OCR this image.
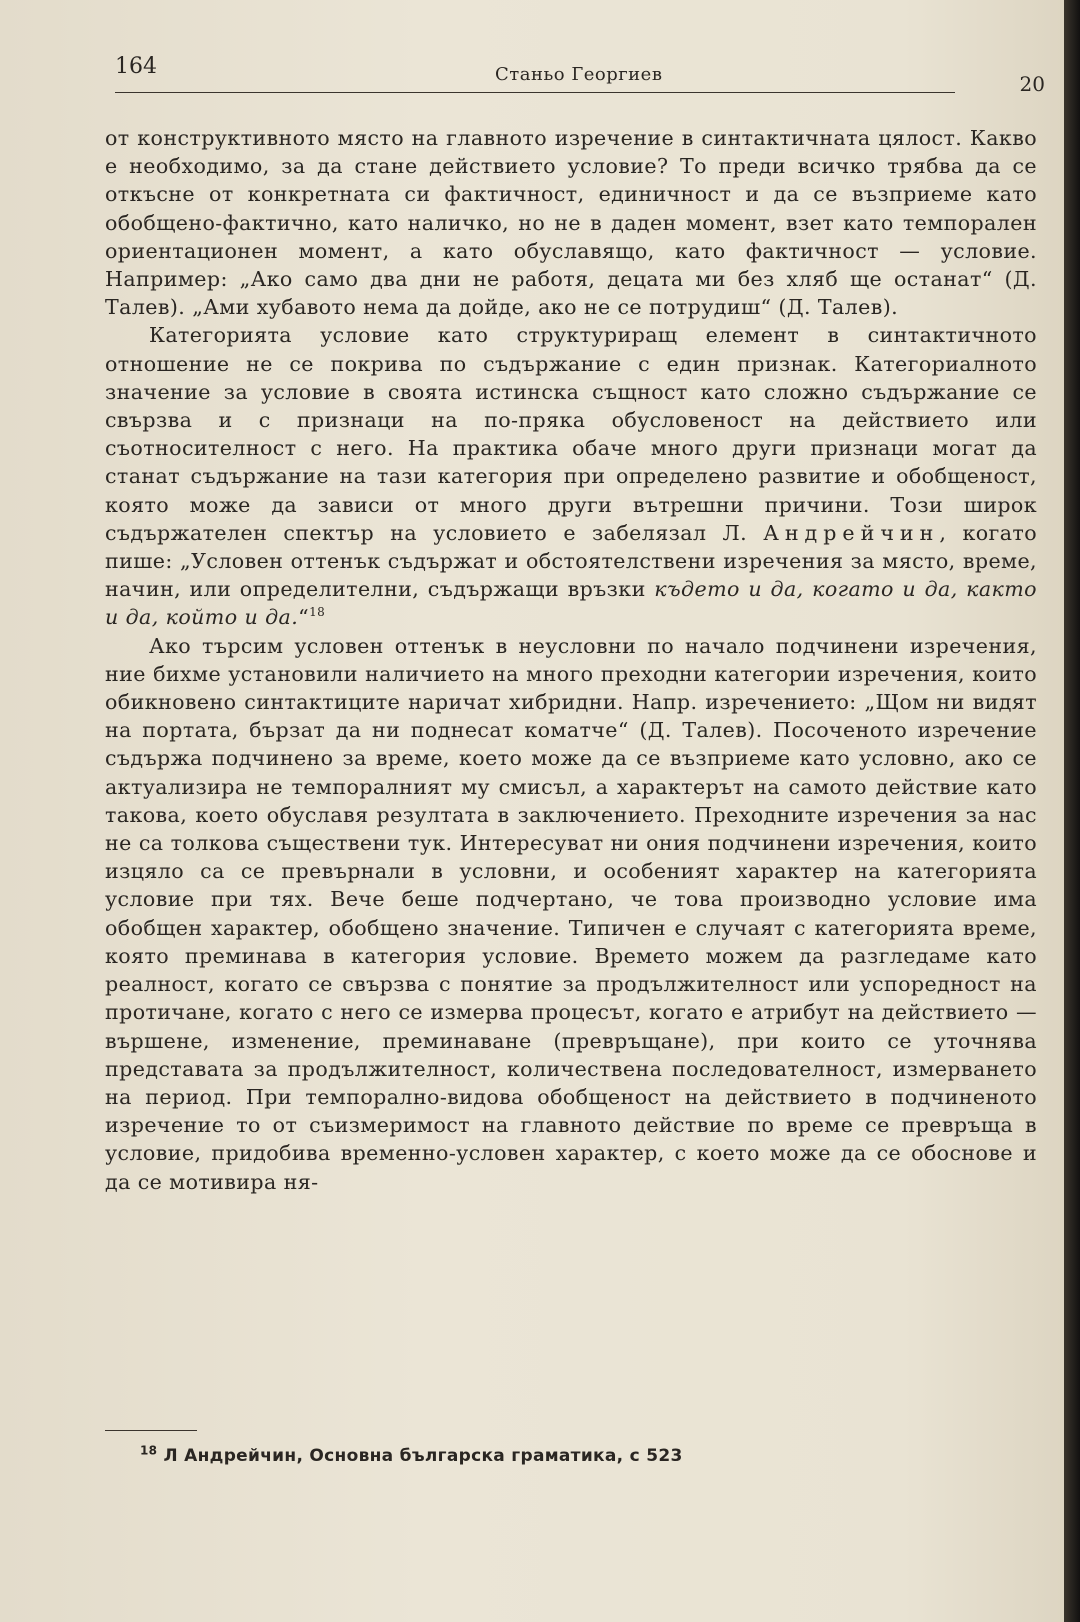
164	Станьо Георгиев	20

от конструктивното място на главното изречение в синтактичната цялост. Какво е необходимо, за да стане действието условие? То преди всичко трябва да се откъсне от конкретната си фактичност, единичност и да се възприеме като обобщено-фактично, като наличко, но не в даден момент, взет като темпорален ориентационен момент, а като обуславящо, като фактичност — условие. Например: „Ако само два дни не работя, децата ми без хляб ще останат“ (Д. Талев). „Ами хубавото нема да дойде, ако не се потрудиш“ (Д. Талев).

Категорията условие като структуриращ елемент в синтактичното отношение не се покрива по съдържание с един признак. Категориалното значение за условие в своята истинска същност като сложно съдържание се свързва и с признаци на по-пряка обусловеност на действието или съотносителност с него. На практика обаче много други признаци могат да станат съдържание на тази категория при определено развитие и обобщеност, която може да зависи от много други вътрешни причини. Този широк съдържателен спектър на условието е забелязал Л. Андрейчин, когато пише: „Условен оттенък съдържат и обстоятелствени изречения за място, време, начин, или определителни, съдържащи връзки където и да, когато и да, както и да, който и да.“$^{18}$

Ако търсим условен оттенък в неусловни по начало подчинени изречения, ние бихме установили наличието на много преходни категории изречения, които обикновено синтактиците наричат хибридни. Напр. изречението: „Щом ни видят на портата, бързат да ни поднесат коматче“ (Д. Талев). Посоченото изречение съдържа подчинено за време, което може да се възприеме като условно, ако се актуализира не темпоралният му смисъл, а характерът на самото действие като такова, което обуславя резултата в заключението. Преходните изречения за нас не са толкова съществени тук. Интересуват ни ония подчинени изречения, които изцяло са се превърнали в условни, и особеният характер на категорията условие при тях. Вече беше подчертано, че това производно условие има обобщен характер, обобщено значение. Типичен е случаят с категорията време, която преминава в категория условие. Времето можем да разгледаме като реалност, когато се свързва с понятие за продължителност или успоредност на протичане, когато с него се измерва процесът, когато е атрибут на действието — вършене, изменение, преминаване (превръщане), при които се уточнява представата за продължителност, количествена последователност, измерването на период. При темпорално-видова обобщеност на действието в подчиненото изречение то от съизмеримост на главното действие по време се превръща в условие, придобива временно-условен характер, с което може да се обоснове и да се мотивира ня-

$^{18}$ Л Андрейчин, Основна българска граматика, с 523
